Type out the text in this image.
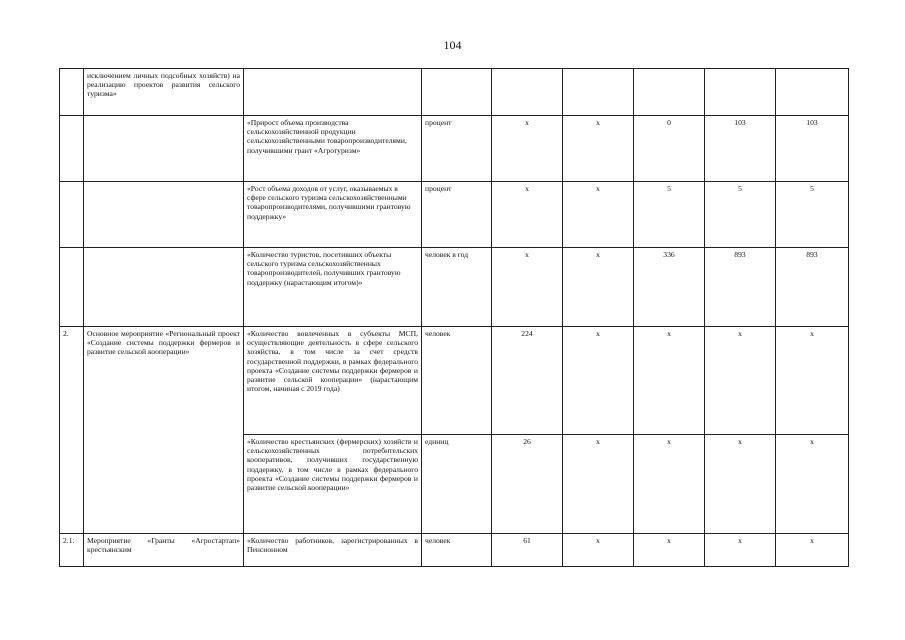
104
	исключением личных подсобных хозяйств) на реализацию проектов развития сельского туризма»							
		«Прирост объема производства сельскохозяйственной продукции сельскохозяйственными товаропроизводителями, получившими грант «Агротуризм»	процент	х	х	0	103	103
		«Рост объема доходов от услуг, оказываемых в сфере сельского туризма сельскохозяйственными товаропроизводителями, получившими грантовую поддержку»	процент	х	х	5	5	5
		«Количество туристов, посетивших объекты сельского туризма сельскохозяйственных товаропроизводителей, получивших грантовую поддержку (нарастающим итогом)»	человек в год	х	х	336	893	893
2.	Основное мероприятие «Региональный проект «Создание системы поддержки фермеров и развитие сельской кооперации»	«Количество вовлеченных в субъекты МСП, осуществляющие деятельность в сфере сельского хозяйства, в том числе за счет средств государственной поддержки, в рамках федерального проекта «Создание системы поддержки фермеров и развитие сельской кооперации» (нарастающим итогом, начиная с 2019 года)	человек	224	х	х	х	х
		«Количество крестьянских (фермерских) хозяйств и сельскохозяйственных потребительских кооперативов, получивших государственную поддержку, в том числе в рамках федерального проекта «Создание системы поддержки фермеров и развитие сельской кооперации»	единиц	26	х	х	х	х
2.1.	Мероприятие «Гранты «Агростартап» крестьянским	«Количество работников, зарегистрированных в Пенсионном	человек	61	х	х	х	х
